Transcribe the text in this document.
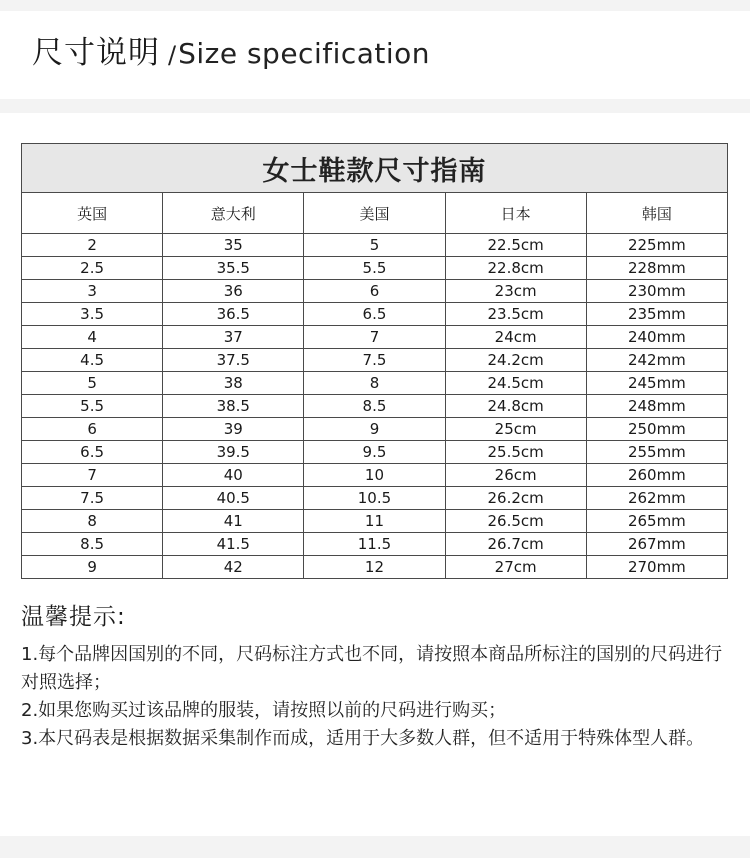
尺寸说明 /Size specification
女士鞋款尺寸指南				
英国	意大利	美国	日本	韩国
2	35	5	22.5cm	225mm
2.5	35.5	5.5	22.8cm	228mm
3	36	6	23cm	230mm
3.5	36.5	6.5	23.5cm	235mm
4	37	7	24cm	240mm
4.5	37.5	7.5	24.2cm	242mm
5	38	8	24.5cm	245mm
5.5	38.5	8.5	24.8cm	248mm
6	39	9	25cm	250mm
6.5	39.5	9.5	25.5cm	255mm
7	40	10	26cm	260mm
7.5	40.5	10.5	26.2cm	262mm
8	41	11	26.5cm	265mm
8.5	41.5	11.5	26.7cm	267mm
9	42	12	27cm	270mm

温馨提示:

1.每个品牌因国别的不同，尺码标注方式也不同，请按照本商品所标注的国别的尺码进行对照选择；

2.如果您购买过该品牌的服装，请按照以前的尺码进行购买；

3.本尺码表是根据数据采集制作而成，适用于大多数人群，但不适用于特殊体型人群。
